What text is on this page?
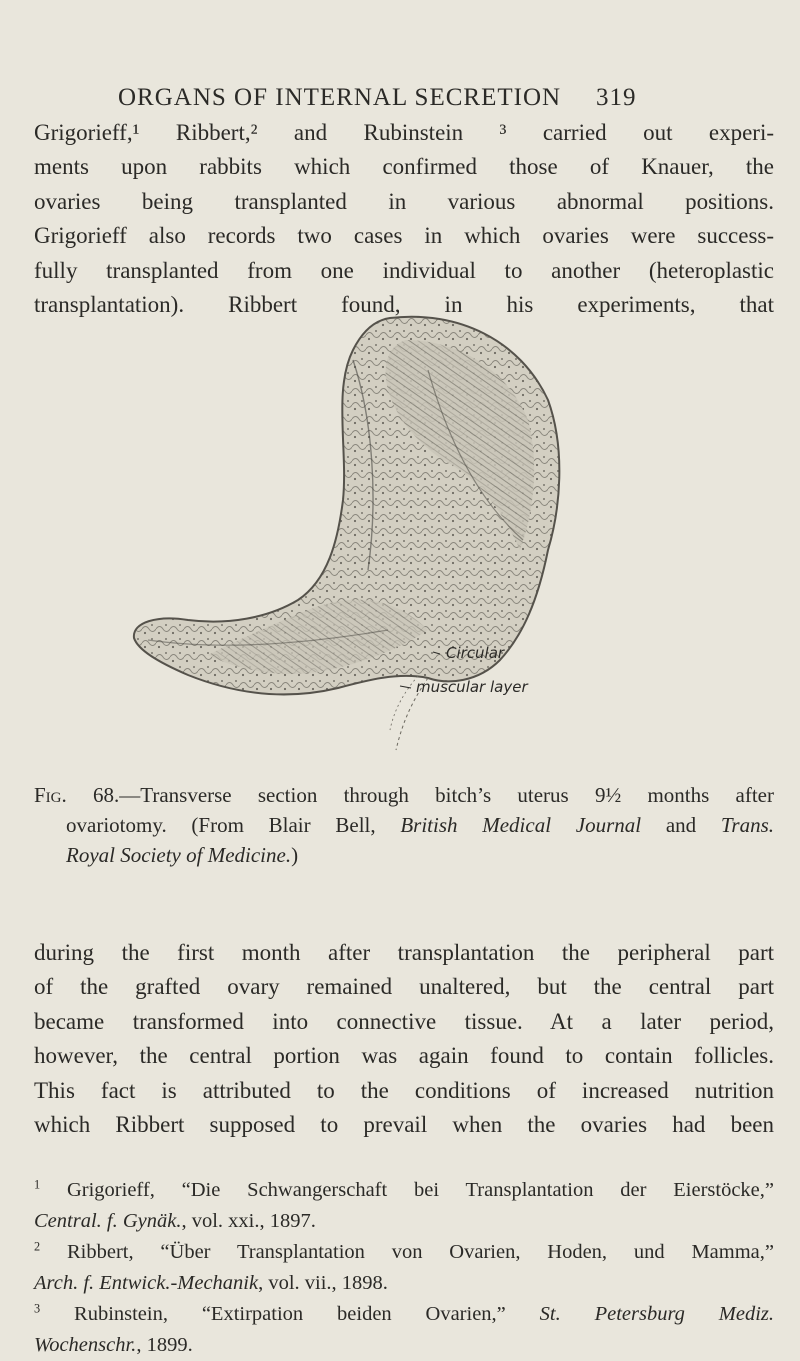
ORGANS OF INTERNAL SECRETION 319
Grigorieff,¹ Ribbert,² and Rubinstein ³ carried out experi-
ments upon rabbits which confirmed those of Knauer, the
ovaries being transplanted in various abnormal positions.
Grigorieff also records two cases in which ovaries were success-
fully transplanted from one individual to another (heteroplastic
transplantation). Ribbert found, in his experiments, that
Circular
muscular layer
Fig. 68.—Transverse section through bitch’s uterus 9½ months after
ovariotomy. (From Blair Bell, British Medical Journal and Trans.
Royal Society of Medicine.)
during the first month after transplantation the peripheral part
of the grafted ovary remained unaltered, but the central part
became transformed into connective tissue. At a later period,
however, the central portion was again found to contain follicles.
This fact is attributed to the conditions of increased nutrition
which Ribbert supposed to prevail when the ovaries had been
$^1$ Grigorieff, “Die Schwangerschaft bei Transplantation der Eierstöcke,”
Central. f. Gynäk., vol. xxi., 1897.
$^2$ Ribbert, “Über Transplantation von Ovarien, Hoden, und Mamma,”
Arch. f. Entwick.-Mechanik, vol. vii., 1898.
$^3$ Rubinstein, “Extirpation beiden Ovarien,” St. Petersburg Mediz.
Wochenschr., 1899.
